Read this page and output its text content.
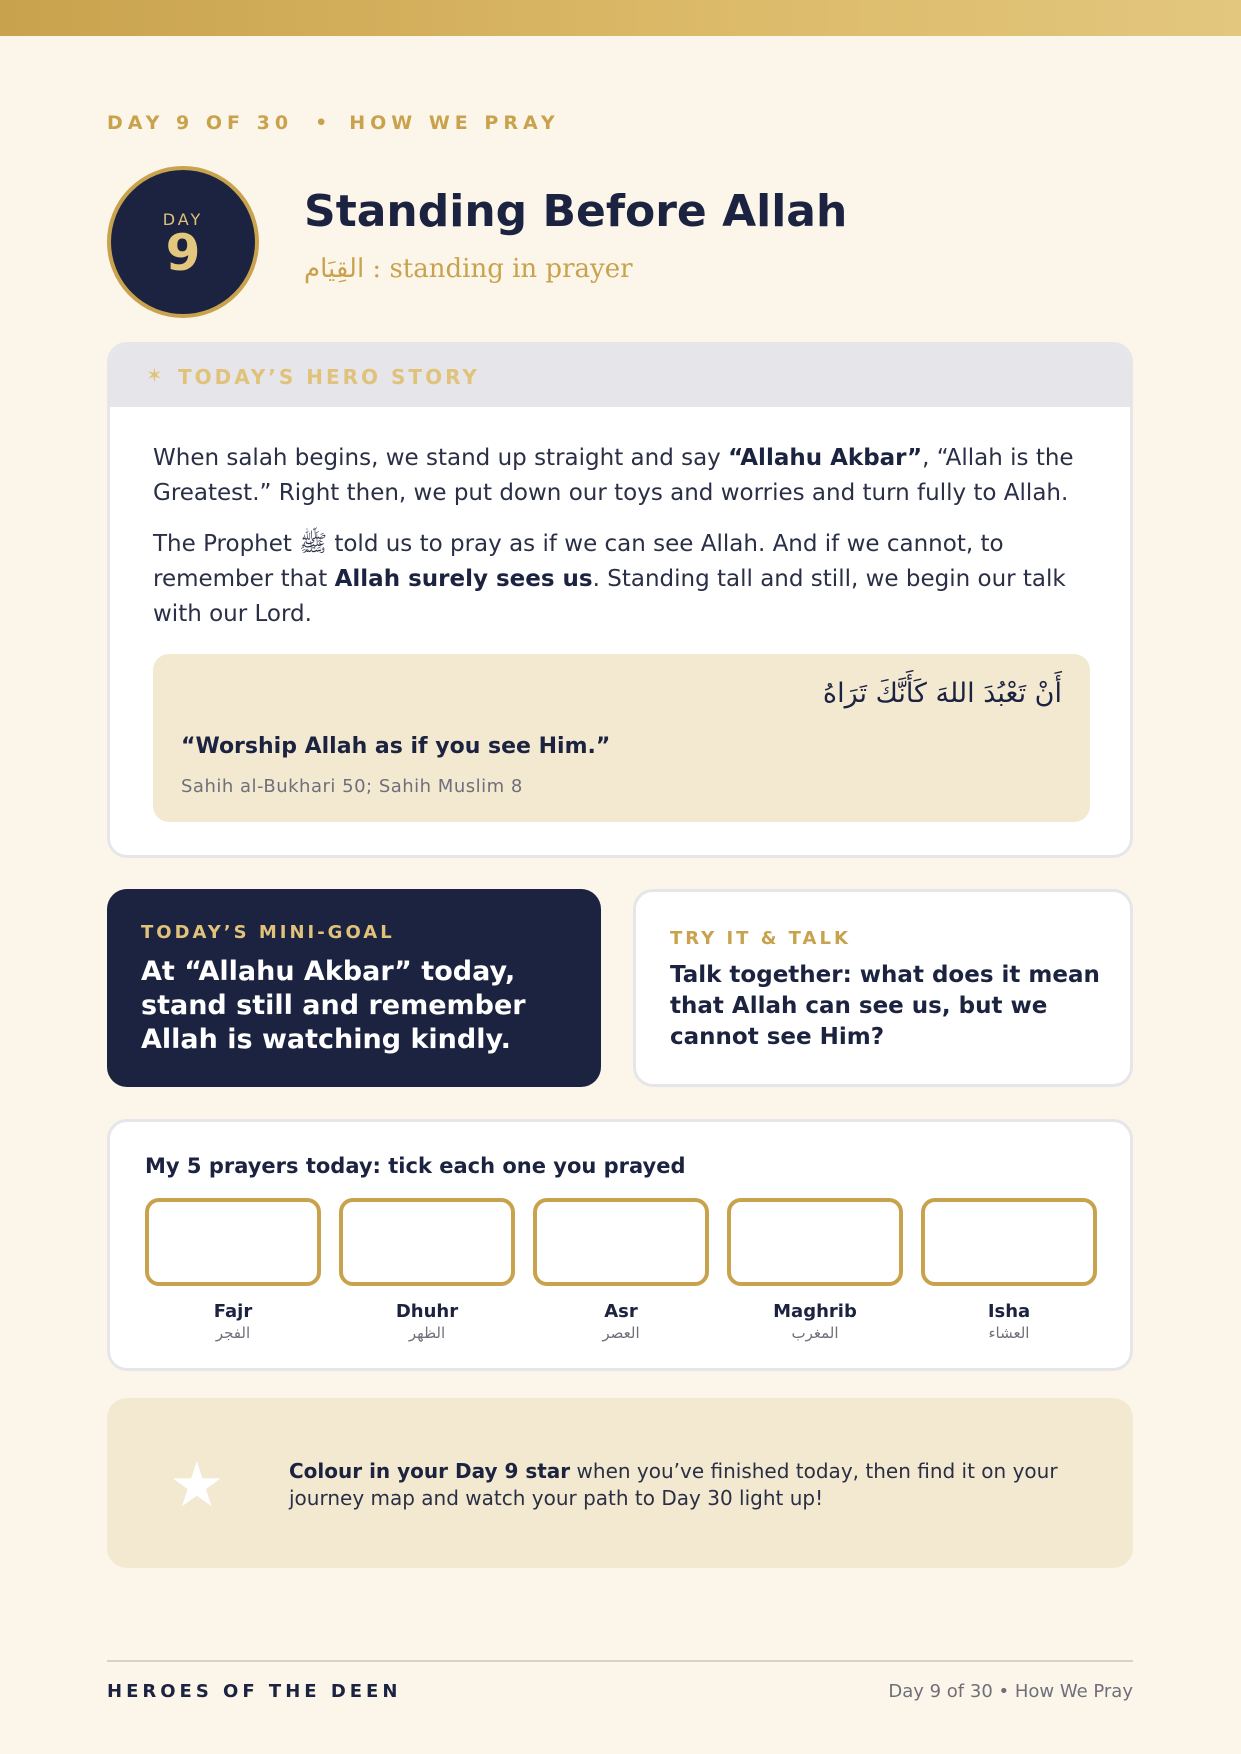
DAY 9 OF 30 • HOW WE PRAY
DAY
9
Standing Before Allah
القِيَام : standing in prayer
✶ TODAY’S HERO STORY

When salah begins, we stand up straight and say “Allahu Akbar”, “Allah is the Greatest.” Right then, we put down our toys and worries and turn fully to Allah.

The Prophet ﷺ told us to pray as if we can see Allah. And if we cannot, to remember that Allah surely sees us. Standing tall and still, we begin our talk with our Lord.

أَنْ تَعْبُدَ اللهَ كَأَنَّكَ تَرَاهُ
“Worship Allah as if you see Him.”
Sahih al-Bukhari 50; Sahih Muslim 8
TODAY’S MINI-GOAL
At “Allahu Akbar” today, stand still and remember Allah is watching kindly.
TRY IT & TALK
Talk together: what does it mean that Allah can see us, but we cannot see Him?
My 5 prayers today: tick each one you prayed
Fajr
الفجر
Dhuhr
الظهر
Asr
العصر
Maghrib
المغرب
Isha
العشاء
★	Colour in your Day 9 star when you’ve finished today, then find it on your journey map and watch your path to Day 30 light up!

HEROES OF THE DEEN	Day 9 of 30 • How We Pray
